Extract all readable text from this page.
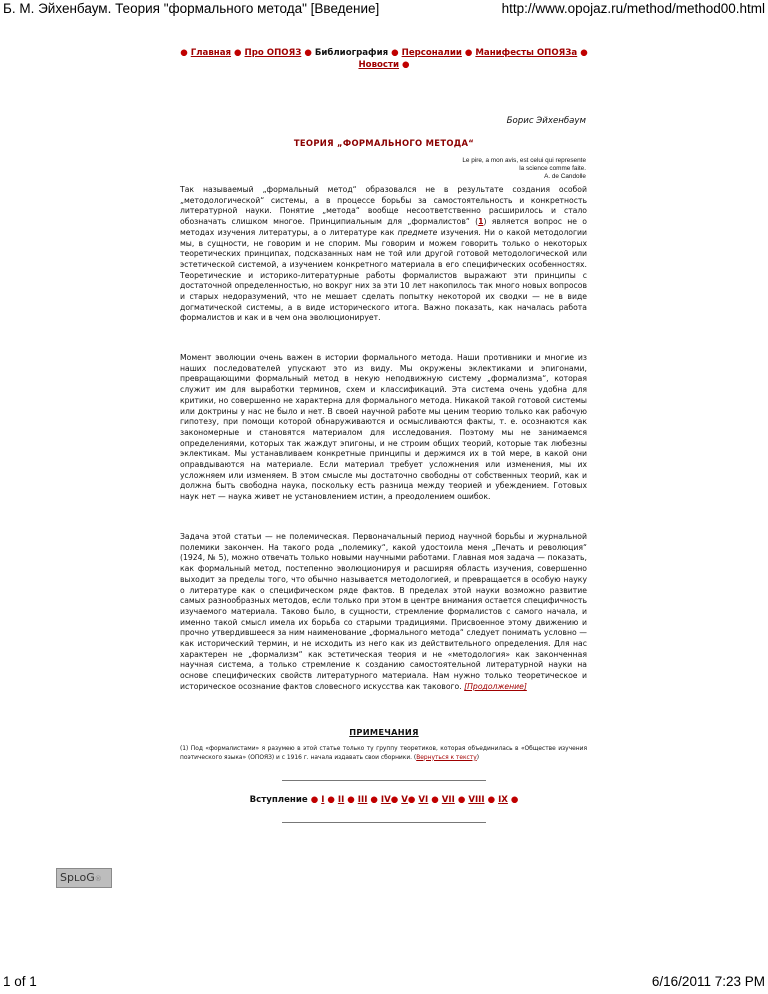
Б. М. Эйхенбаум. Теория "формального метода" [Введение]	http://www.opojaz.ru/method/method00.html
● Главная ● Про ОПОЯЗ ● Библиография ● Персоналии ● Манифесты ОПОЯЗа ●
Новости ●
Борис Эйхенбаум
ТЕОРИЯ „ФОРМАЛЬНОГО МЕТОДА“
Le pire, a mon avis, est celui qui represente
la science comme faite.
A. de Candolle
Так называемый „формальный метод“ образовался не в результате создания особой „методологической“ системы, а в процессе борьбы за самостоятельность и конкретность литературной науки. Понятие „метода“ вообще несоответственно расширилось и стало обозначать слишком многое. Принципиальным для „формалистов“ (1) является вопрос не о методах изучения литературы, а о литературе как предмете изучения. Ни о какой методологии мы, в сущности, не говорим и не спорим. Мы говорим и можем говорить только о некоторых теоретических принципах, подсказанных нам не той или другой готовой методологической или эстетической системой, а изучением конкретного материала в его специфических особенностях. Теоретические и историко-литературные работы формалистов выражают эти принципы с достаточной определенностью, но вокруг них за эти 10 лет накопилось так много новых вопросов и старых недоразумений, что не мешает сделать попытку некоторой их сводки — не в виде догматической системы, а в виде исторического итога. Важно показать, как началась работа формалистов и как и в чем она эволюционирует.
Момент эволюции очень важен в истории формального метода. Наши противники и многие из наших последователей упускают это из виду. Мы окружены эклектиками и эпигонами, превращающими формальный метод в некую неподвижную систему „формализма“, которая служит им для выработки терминов, схем и классификаций. Эта система очень удобна для критики, но совершенно не характерна для формального метода. Никакой такой готовой системы или доктрины у нас не было и нет. В своей научной работе мы ценим теорию только как рабочую гипотезу, при помощи которой обнаруживаются и осмысливаются факты, т. е. осознаются как закономерные и становятся материалом для исследования. Поэтому мы не занимаемся определениями, которых так жаждут эпигоны, и не строим общих теорий, которые так любезны эклектикам. Мы устанавливаем конкретные принципы и держимся их в той мере, в какой они оправдываются на материале. Если материал требует усложнения или изменения, мы их усложняем или изменяем. В этом смысле мы достаточно свободны от собственных теорий, как и должна быть свободна наука, поскольку есть разница между теорией и убеждением. Готовых наук нет — наука живет не установлением истин, а преодолением ошибок.
Задача этой статьи — не полемическая. Первоначальный период научной борьбы и журнальной полемики закончен. На такого рода „полемику“, какой удостоила меня „Печать и революция“ (1924, № 5), можно отвечать только новыми научными работами. Главная моя задача — показать, как формальный метод, постепенно эволюционируя и расширяя область изучения, совершенно выходит за пределы того, что обычно называется методологией, и превращается в особую науку о литературе как о специфическом ряде фактов. В пределах этой науки возможно развитие самых разнообразных методов, если только при этом в центре внимания остается специфичность изучаемого материала. Таково было, в сущности, стремление формалистов с самого начала, и именно такой смысл имела их борьба со старыми традициями. Присвоенное этому движению и прочно утвердившееся за ним наименование „формального метода“ следует понимать условно — как исторический термин, и не исходить из него как из действительного определения. Для нас характерен не „формализм“ как эстетическая теория и не «методология» как законченная научная система, а только стремление к созданию самостоятельной литературной науки на основе специфических свойств литературного материала. Нам нужно только теоретическое и историческое осознание фактов словесного искусства как такового. [Продолжение]
ПРИМЕЧАНИЯ
(1) Под «формалистами» я разумею в этой статье только ту группу теоретиков, которая объединилась в «Обществе изучения поэтического языка» (ОПОЯЗ) и с 1916 г. начала издавать свои сборники. (Вернуться к тексту)
Вступление ● I ● II ● III ● IV● V● VI ● VII ● VIII ● IX ●
SpʟoG®
1 of 1	6/16/2011 7:23 PM
